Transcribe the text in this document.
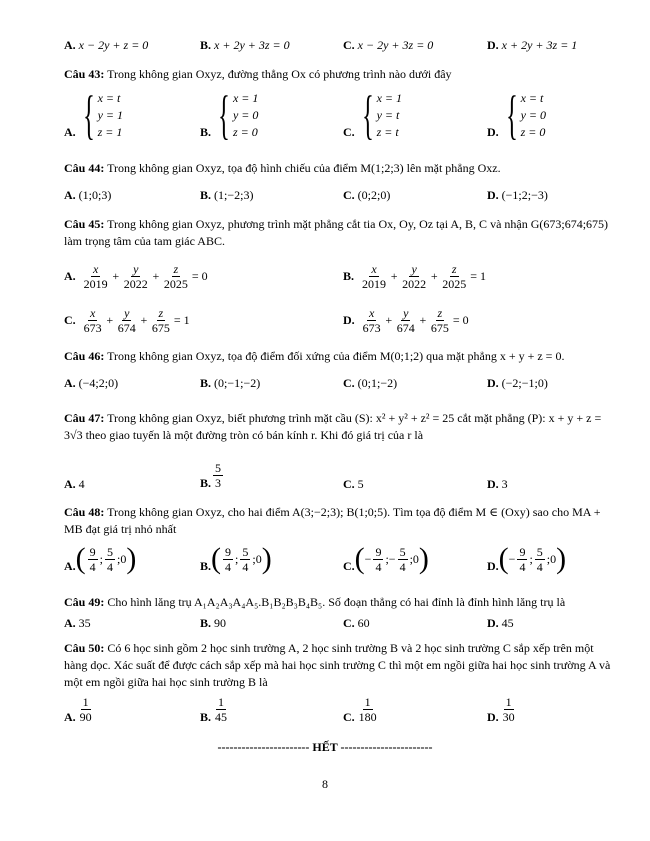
A. x − 2y + z = 0	B. x + 2y + 3z = 0	C. x − 2y + 3z = 0	D. x + 2y + 3z = 1
Câu 43: Trong không gian Oxyz, đường thẳng Ox có phương trình nào dưới đây
A. { x = t
y = 1
z = 1	B. { x = 1
y = 0
z = 0	C. { x = 1
y = t
z = t	D. { x = t
y = 0
z = 0
Câu 44: Trong không gian Oxyz, tọa độ hình chiếu của điểm M(1;2;3) lên mặt phẳng Oxz.
A. (1;0;3)	B. (1;−2;3)	C. (0;2;0)	D. (−1;2;−3)
Câu 45: Trong không gian Oxyz, phương trình mặt phẳng cắt tia Ox, Oy, Oz tại A, B, C và nhận G(673;674;675) làm trọng tâm của tam giác ABC.
A. $\frac{x}{2019} + \frac{y}{2022} + \frac{z}{2025} = 0$	B. $\frac{x}{2019} + \frac{y}{2022} + \frac{z}{2025} = 1$
C. $\frac{x}{673} + \frac{y}{674} + \frac{z}{675} = 1$	D. $\frac{x}{673} + \frac{y}{674} + \frac{z}{675} = 0$
Câu 46: Trong không gian Oxyz, tọa độ điểm đối xứng của điểm M(0;1;2) qua mặt phẳng x + y + z = 0.
A. (−4;2;0)	B. (0;−1;−2)	C. (0;1;−2)	D. (−2;−1;0)
Câu 47: Trong không gian Oxyz, biết phương trình mặt cầu (S): x² + y² + z² = 25 cắt mặt phẳng (P): x + y + z = 3√3 theo giao tuyến là một đường tròn có bán kính r. Khi đó giá trị của r là
A. 4	B. $\frac{5}{3}$	C. 5	D. 3
Câu 48: Trong không gian Oxyz, cho hai điểm A(3;−2;3); B(1;0;5). Tìm tọa độ điểm M ∈ (Oxy) sao cho MA + MB đạt giá trị nhỏ nhất
A. ( $\frac{9}{4}$ ; $\frac{5}{4}$ ;0 )	B. ( $\frac{9}{4}$ ; $\frac{5}{4}$ ;0 )	C. ( − $\frac{9}{4}$ ; − $\frac{5}{4}$ ;0 )	D. ( − $\frac{9}{4}$ ; $\frac{5}{4}$ ;0 )
Câu 49: Cho hình lăng trụ A₁A₂A₃A₄A₅.B₁B₂B₃B₄B₅. Số đoạn thẳng có hai đỉnh là đỉnh hình lăng trụ là
A. 35	B. 90	C. 60	D. 45
Câu 50: Có 6 học sinh gồm 2 học sinh trường A, 2 học sinh trường B và 2 học sinh trường C sắp xếp trên một hàng dọc. Xác suất để được cách sắp xếp mà hai học sinh trường C thì một em ngồi giữa hai học sinh trường A và một em ngồi giữa hai học sinh trường B là
A. $\frac{1}{90}$	B. $\frac{1}{45}$	C. $\frac{1}{180}$	D. $\frac{1}{30}$
----------------------- HẾT -----------------------
8
